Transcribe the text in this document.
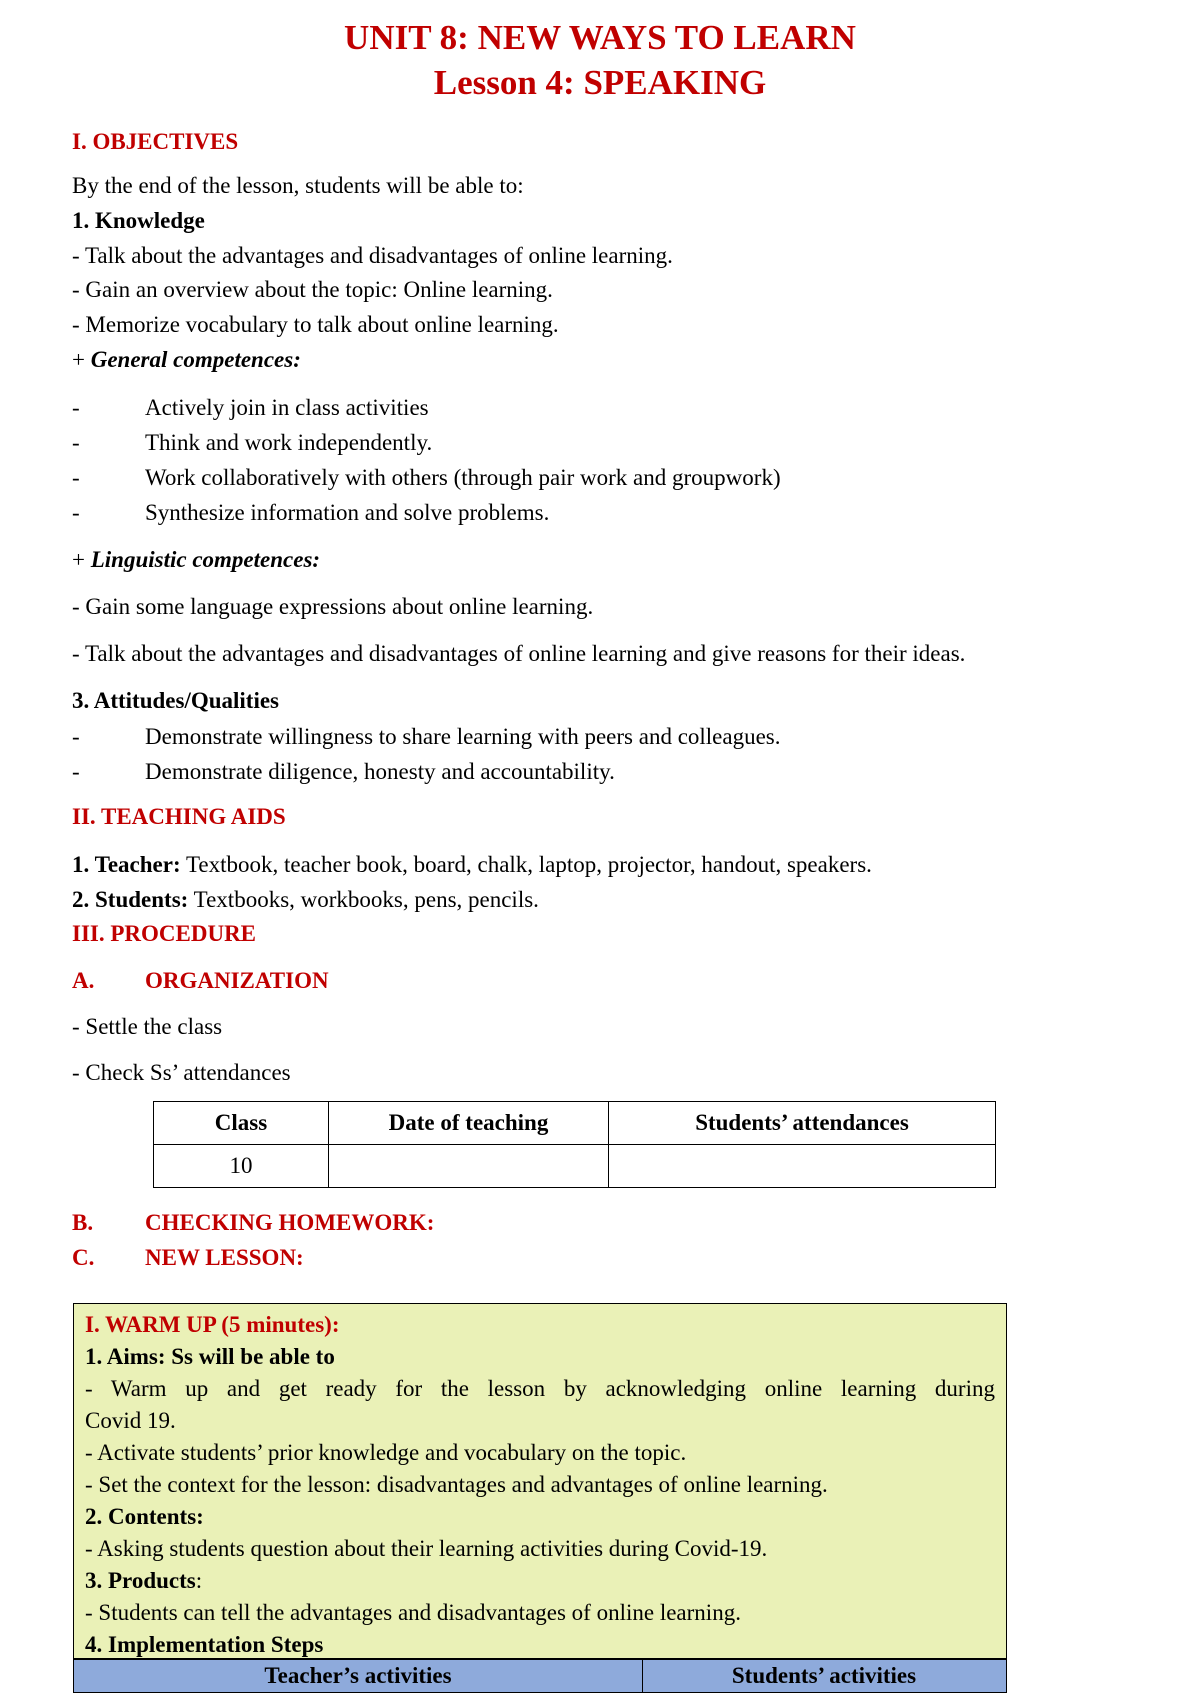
UNIT 8: NEW WAYS TO LEARN
Lesson 4: SPEAKING
I. OBJECTIVES
By the end of the lesson, students will be able to:
1. Knowledge
- Talk about the advantages and disadvantages of online learning.
- Gain an overview about the topic: Online learning.
- Memorize vocabulary to talk about online learning.
+ General competences:
-	Actively join in class activities
-	Think and work independently.
-	Work collaboratively with others (through pair work and groupwork)
-	Synthesize information and solve problems.
+ Linguistic competences:
- Gain some language expressions about online learning.
- Talk about the advantages and disadvantages of online learning and give reasons for their ideas.
3. Attitudes/Qualities
-	Demonstrate willingness to share learning with peers and colleagues.
-	Demonstrate diligence, honesty and accountability.
II. TEACHING AIDS
1. Teacher: Textbook, teacher book, board, chalk, laptop, projector, handout, speakers.
2. Students: Textbooks, workbooks, pens, pencils.
III. PROCEDURE
A. ORGANIZATION
- Settle the class
- Check Ss’ attendances
Class	Date of teaching	Students’ attendances
10		
B. CHECKING HOMEWORK:
C. NEW LESSON:
I. WARM UP (5 minutes):
1. Aims: Ss will be able to
- Warm up and get ready for the lesson by acknowledging online learning during
Covid 19.
- Activate students’ prior knowledge and vocabulary on the topic.
- Set the context for the lesson: disadvantages and advantages of online learning.
2. Contents:
- Asking students question about their learning activities during Covid-19.
3. Products:
- Students can tell the advantages and disadvantages of online learning.
4. Implementation Steps
Teacher’s activities	Students’ activities
